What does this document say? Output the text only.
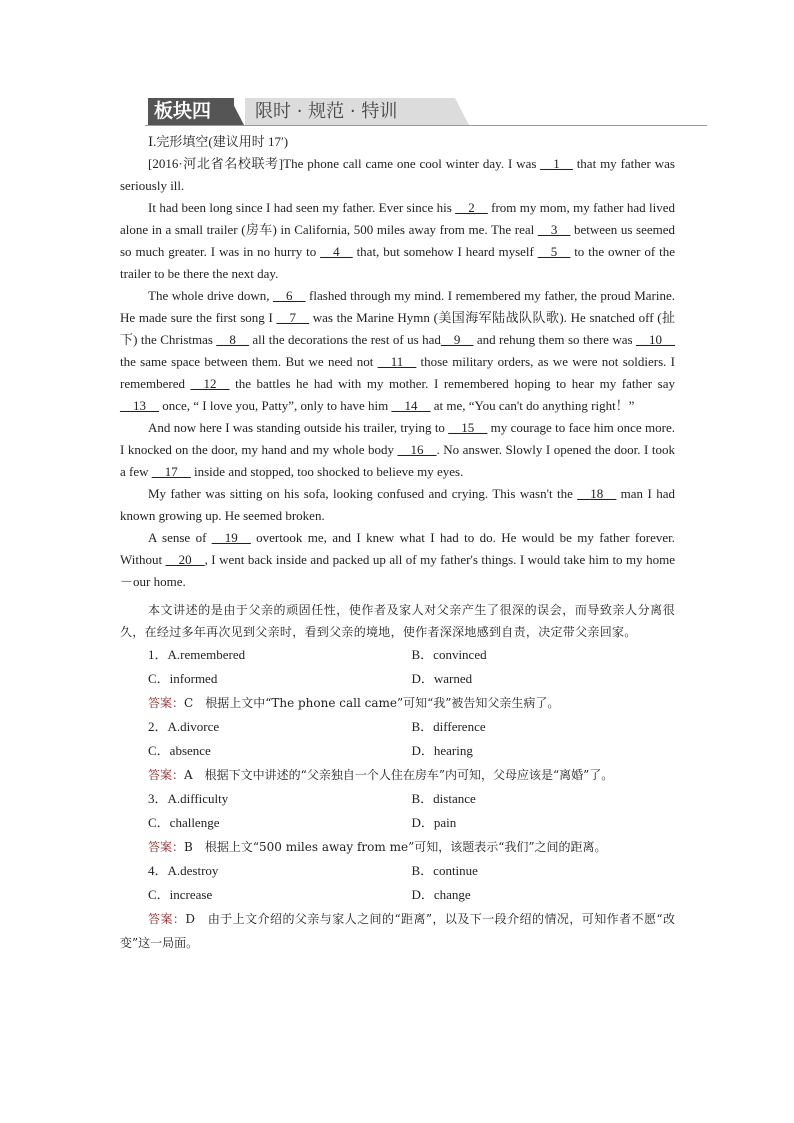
板块四	限时 · 规范 · 特训

Ⅰ.完形填空(建议用时 17′)

[2016·河北省名校联考]The phone call came one cool winter day. I was __1__ that my father was seriously ill.

It had been long since I had seen my father. Ever since his __2__ from my mom, my father had lived alone in a small trailer (房车) in California, 500 miles away from me. The real __3__ between us seemed so much greater. I was in no hurry to __4__ that, but somehow I heard myself __5__ to the owner of the trailer to be there the next day.

The whole drive down, __6__ flashed through my mind. I remembered my father, the proud Marine. He made sure the first song I __7__ was the Marine Hymn (美国海军陆战队队歌). He snatched off (扯下) the Christmas __8__ all the decorations the rest of us had__9__ and rehung them so there was __10__ the same space between them. But we need not __11__ those military orders, as we were not soldiers. I remembered __12__ the battles he had with my mother. I remembered hoping to hear my father say __13__ once, “ I love you, Patty”, only to have him __14__ at me, “You can't do anything right！”

And now here I was standing outside his trailer, trying to __15__ my courage to face him once more. I knocked on the door, my hand and my whole body __16__. No answer. Slowly I opened the door. I took a few __17__ inside and stopped, too shocked to believe my eyes.

My father was sitting on his sofa, looking confused and crying. This wasn't the __18__ man I had known growing up. He seemed broken.

A sense of __19__ overtook me, and I knew what I had to do. He would be my father forever. Without __20__, I went back inside and packed up all of my father's things. I would take him to my home－our home.

本文讲述的是由于父亲的顽固任性，使作者及家人对父亲产生了很深的误会，而导致亲人分离很久，在经过多年再次见到父亲时，看到父亲的境地，使作者深深地感到自责，决定带父亲回家。

1．A.remembered	B．convinced
C．informed	D．warned

答案：C　根据上文中“The phone call came”可知“我”被告知父亲生病了。

2．A.divorce	B．difference
C．absence	D．hearing

答案：A　根据下文中讲述的“父亲独自一个人住在房车”内可知，父母应该是“离婚”了。

3．A.difficulty	B．distance
C．challenge	D．pain

答案：B　根据上文“500 miles away from me”可知，该题表示“我们”之间的距离。

4．A.destroy	B．continue
C．increase	D．change

答案：D　由于上文介绍的父亲与家人之间的“距离”，以及下一段介绍的情况，可知作者不愿“改变”这一局面。
